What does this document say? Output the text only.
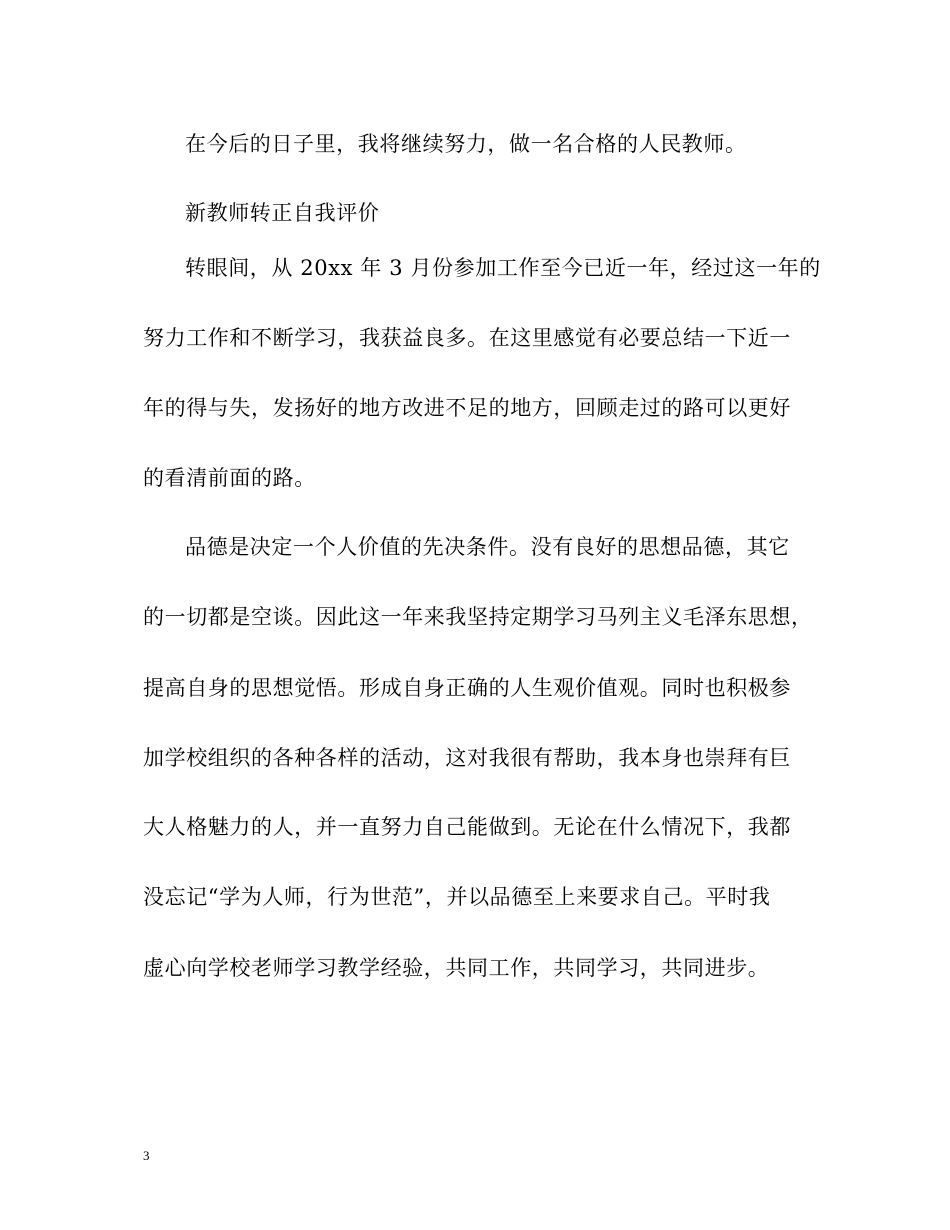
在今后的日子里，我将继续努力，做一名合格的人民教师。
新教师转正自我评价
转眼间，从 20xx 年 3 月份参加工作至今已近一年，经过这一年的
努力工作和不断学习，我获益良多。在这里感觉有必要总结一下近一
年的得与失，发扬好的地方改进不足的地方，回顾走过的路可以更好
的看清前面的路。
品德是决定一个人价值的先决条件。没有良好的思想品德，其它
的一切都是空谈。因此这一年来我坚持定期学习马列主义毛泽东思想，
提高自身的思想觉悟。形成自身正确的人生观价值观。同时也积极参
加学校组织的各种各样的活动，这对我很有帮助，我本身也崇拜有巨
大人格魅力的人，并一直努力自己能做到。无论在什么情况下，我都
没忘记“学为人师，行为世范”，并以品德至上来要求自己。平时我
虚心向学校老师学习教学经验，共同工作，共同学习，共同进步。
3
